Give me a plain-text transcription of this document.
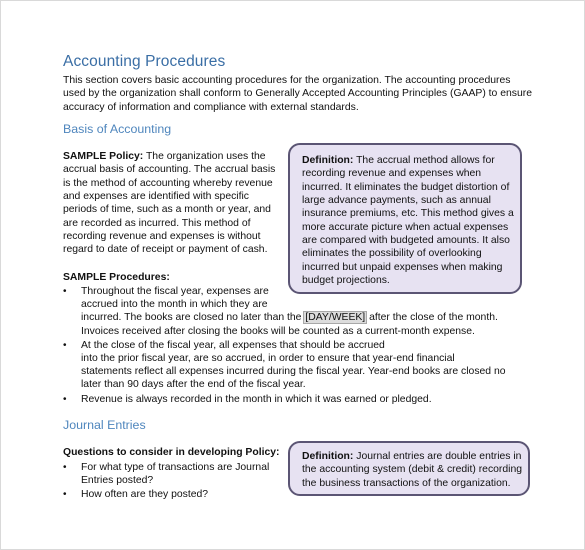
Accounting Procedures
This section covers basic accounting procedures for the organization. The accounting procedures used by the organization shall conform to Generally Accepted Accounting Principles (GAAP) to ensure accuracy of information and compliance with external standards.
Basis of Accounting
SAMPLE Policy: The organization uses the accrual basis of accounting. The accrual basis is the method of accounting whereby revenue and expenses are identified with specific periods of time, such as a month or year, and are recorded as incurred. This method of recording revenue and expenses is without regard to date of receipt or payment of cash.
Definition: The accrual method allows for recording revenue and expenses when incurred. It eliminates the budget distortion of large advance payments, such as annual insurance premiums, etc. This method gives a more accurate picture when actual expenses are compared with budgeted amounts. It also eliminates the possibility of overlooking incurred but unpaid expenses when making budget projections.
SAMPLE Procedures:
•	Throughout the fiscal year, expenses are
accrued into the month in which they are
incurred. The books are closed no later than the [DAY/WEEK] after the close of the month.
Invoices received after closing the books will be counted as a current-month expense.
•	At the close of the fiscal year, all expenses that should be accrued
into the prior fiscal year, are so accrued, in order to ensure that year-end financial
statements reflect all expenses incurred during the fiscal year. Year-end books are closed no
later than 90 days after the end of the fiscal year.
•	Revenue is always recorded in the month in which it was earned or pledged.
Journal Entries
Questions to consider in developing Policy:
•	For what type of transactions are Journal
Entries posted?
•	How often are they posted?
Definition: Journal entries are double entries in the accounting system (debit & credit) recording the business transactions of the organization.
